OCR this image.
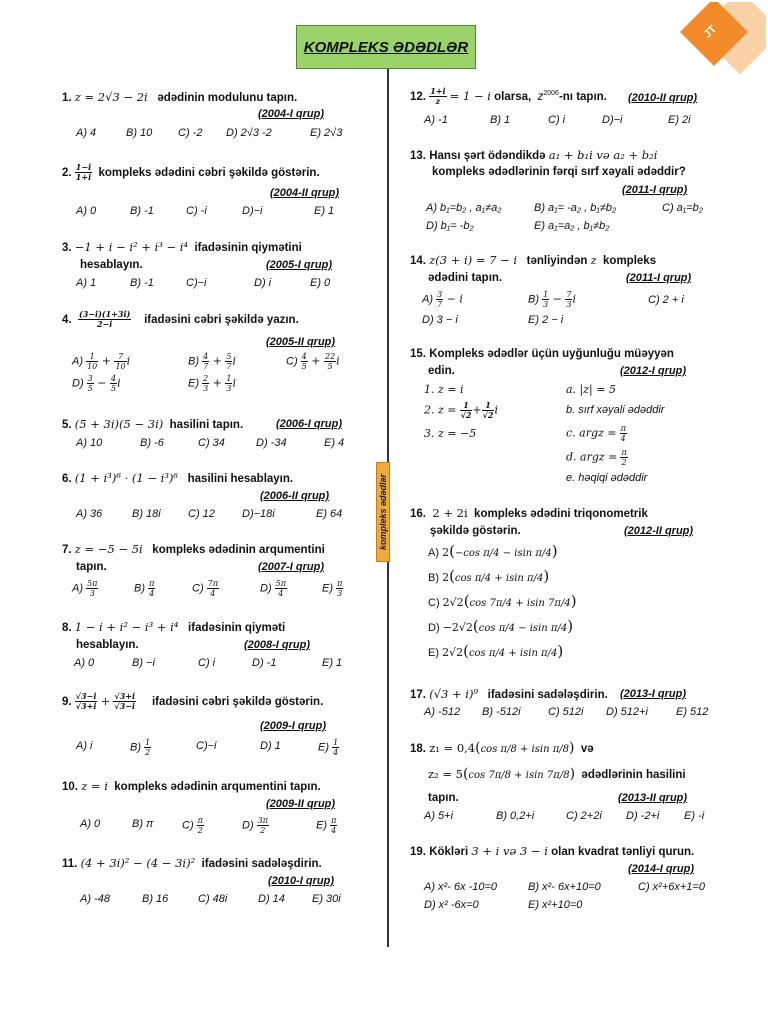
KOMPLEKS ƏDƏDLƏR
JT
kompleks ədədlər
1. z = 2√3 − 2i ədədinin modulunu tapın.
(2004-I qrup)
A) 4	B) 10 C) -2 D) 2√3 -2	E) 2√3
2. $\frac{1-i}{1+i}$ kompleks ədədini cəbri şəkildə göstərin.
(2004-II qrup)
A) 0	B) -1	C) -i	D)−i	E) 1
3. −1 + i − i² + i³ − i⁴ ifadəsinin qiymətini
hesablayın.	(2005-I qrup)
A) 1	B) -1	C)−i	D) i	E) 0
4. $\frac{(3-i)(1+3i)}{2-i}$ ifadəsini cəbri şəkildə yazın.
(2005-II qrup)
$A) \frac{1}{10} + \frac{7}{10}$ i	$B) \frac{4}{7} + \frac{5}{7}$ i	$C) \frac{4}{5} + \frac{22}{5}$ i
$D) \frac{3}{5} - \frac{4}{5}$ i	$E) \frac{2}{3} + \frac{1}{3}$ i
5. (5 + 3i)(5 − 3i) hasilini tapın.	(2006-I qrup)
A) 10	B) -6	C) 34	D) -34	E) 4
6. (1 + i³)⁶ · (1 − i³)⁶ hasilini hesablayın.
(2006-II qrup)
A) 36	B) 18i C) 12 D)−18i	E) 64
7. z = −5 − 5i kompleks ədədinin arqumentini
tapın.	(2007-I qrup)
$A) \frac{5\pi}{3}$	$B) \frac{\pi}{4}$	$C) \frac{7\pi}{4}$	$D) \frac{5\pi}{4}$	$E) \frac{\pi}{3}$
8. 1 − i + i² − i³ + i⁴ ifadəsinin qiyməti
hesablayın.	(2008-I qrup)
A) 0	B) −i	C) i	D) -1	E) 1
9. $\frac{√3-i}{√3+i} + \frac{√3+i}{√3-i}$ ifadəsini cəbri şəkildə göstərin.
(2009-I qrup)
A) i	$B) \frac{1}{2}$	C)−i	D) 1	$E) \frac{1}{4}$
10. z = i kompleks ədədinin arqumentini tapın.
(2009-II qrup)
A) 0	B) π	$C) \frac{\pi}{2}$	$D) \frac{3\pi}{2}$	$E) \frac{\pi}{4}$
11. (4 + 3i)² − (4 − 3i)² ifadəsini sadələşdirin.
(2010-I qrup)
A) -48	B) 16	C) 48i	D) 14 E) 30i
12. $\frac{1+i}{z} = 1 - i$ olarsa, $z^{2006}-nı$ tapın. (2010-II qrup)
A) -1	B) 1	C) i	D)−i	E) 2i
13. Hansı şərt ödəndikdə a₁ + b₁i və a₂ + b₂i
kompleks ədədlərinin fərqi sırf xəyali ədəddir?
(2011-I qrup)
A) b₁=b₂ , a₁≠a₂	B) a₁= -a₂ , b₁≠b₂	C) a₁=b₂
D) b₁= -b₂	E) a₁=a₂ , b₁≠b₂
14. z(3 + i) = 7 − i tənliyindən z kompleks
ədədini tapın.	(2011-I qrup)
$A) \frac{3}{7} - i$	$B) \frac{1}{3} - \frac{7}{3}$ i	C) 2 + i
D) 3 − i	E) 2 − i
15. Kompleks ədədlər üçün uyğunluğu müəyyən
edin.	(2012-I qrup)
1. z = i
2. $z = \frac{1}{√2} + \frac{1}{√2}$ i
3. z = −5
a. |z| = 5
b. sırf xəyali ədəddir
c. argz = $\frac{\pi}{4}$
d. argz = $\frac{\pi}{2}$
e. həqiqi ədəddir
16. 2 + 2i kompleks ədədini triqonometrik
şəkildə göstərin.	(2012-II qrup)
A) 2(−cos π/4 − isin π/4)
B) 2(cos π/4 + isin π/4)
C) 2√2(cos 7π/4 + isin 7π/4)
D) −2√2(cos π/4 − isin π/4)
E) 2√2(cos π/4 + isin π/4)
17. (√3 + i)⁹ ifadəsini sadələşdirin. (2013-I qrup)
A) -512 B) -512i C) 512i D) 512+i	E) 512
18. z₁ = 0,4(cos π/8 + isin π/8) və
z₂ = 5(cos 7π/8 + isin 7π/8) ədədlərinin hasilini
tapın.	(2013-II qrup)
A) 5+i	B) 0,2+i	C) 2+2i D) -2+i E) -i
19. Kökləri 3 + i və 3 − i olan kvadrat tənliyi qurun.
(2014-I qrup)
A) x²- 6x -10=0	B) x²- 6x+10=0	C) x²+6x+1=0
D) x² -6x=0	E) x²+10=0
